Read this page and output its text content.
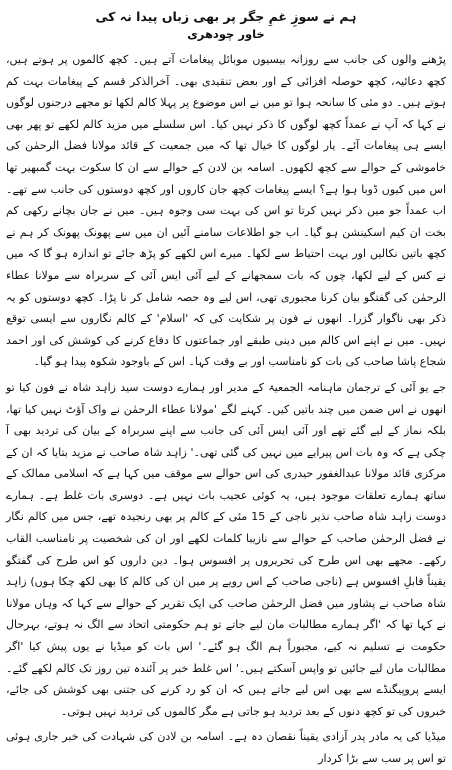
ہم نے سوزِ غمِ جگر پر بھی زباں پیدا نہ کی
خاور چودھری

پڑھنے والوں کی جانب سے روزانہ بیسیوں موبائل پیغامات آتے ہیں۔ کچھ کالموں پر ہوتے ہیں، کچھ دعائیہ، کچھ حوصلہ افزائی کے اور بعض تنقیدی بھی۔ آخرالذکر قسم کے پیغامات بہت کم ہوتے ہیں۔ دو مئی کا سانحہ ہوا تو میں نے اس موضوع پر پہلا کالم لکھا تو مجھے درجنوں لوگوں نے کہا کہ آپ نے عمداً کچھ لوگوں کا ذکر نہیں کیا۔ اس سلسلے میں مزید کالم لکھے تو پھر بھی ایسے ہی پیغامات آئے۔ یار لوگوں کا خیال تھا کہ میں جمعیت کے قائد مولانا فضل الرحمٰن کی خاموشی کے حوالے سے کچھ لکھوں۔ اسامہ بن لادن کے حوالے سے ان کا سکوت بہت گمبھیر تھا اس میں کیوں ڈوبا ہوا ہے؟ ایسے پیغامات کچھ جان کاروں اور کچھ دوستوں کی جانب سے تھے۔ اب عمداً جو میں ذکر نہیں کرتا تو اس کی بہت سی وجوہ ہیں۔ میں نے جان بچانے رکھی کم بخت ان کیم اسکینشن ہو گیا۔ اب جو اطلاعات سامنے آئیں ان میں سے پھونک پھونک کر ہم نے کچھ باتیں نکالیں اور بہت احتیاط سے لکھا۔ میرے اس لکھے کو پڑھ جائے تو اندازہ ہو گا کہ میں نے کس کے لیے لکھا، چوں کہ بات سمجھانے کے لیے آئی ایس آئی کے سربراہ سے مولانا عطاء الرحمٰن کی گفتگو بیان کرنا مجبوری تھی، اس لیے وہ حصہ شامل کر نا پڑا۔ کچھ دوستوں کو یہ ذکر بھی ناگوار گزرا۔ انھوں نے فون پر شکایت کی کہ 'اسلام' کے کالم نگاروں سے ایسی توقع نہیں۔ میں نے اپنے اس کالم میں دینی طبقے اور جماعتوں کا دفاع کرنے کی کوشش کی اور احمد شجاع پاشا صاحب کی بات کو نامناسب اور بے وقت کہا۔ اس کے باوجود شکوہ پیدا ہو گیا۔

جے یو آئی کے ترجمان ماہنامہ الجمعیۃ کے مدیر اور ہمارے دوست سید زاہد شاہ نے فون کیا تو انھوں نے اس ضمن میں چند باتیں کیں۔ کہنے لگے 'مولانا عطاء الرحمٰن نے واک آؤٹ نہیں کیا تھا، بلکہ نماز کے لیے گئے تھے اور آئی ایس آئی کی جانب سے اپنے سربراہ کے بیان کی تردید بھی آ چکی ہے کہ وہ بات اس پیرایے میں نہیں کی گئی تھی۔' زاہد شاہ صاحب نے مزید بتایا کہ ان کے مرکزی قائد مولانا عبدالغفور حیدری کی اس حوالے سے موقف میں کہا ہے کہ اسلامی ممالک کے ساتھ ہمارے تعلقات موجود ہیں، یہ کوئی عجیب بات نہیں ہے۔ دوسری بات غلط ہے۔ ہمارے دوست زاہد شاہ صاحب نذیر ناجی کے 15 مئی کے کالم پر بھی رنجیدہ تھے، جس میں کالم نگار نے فضل الرحمٰن صاحب کے حوالے سے نازیبا کلمات لکھے اور ان کی شخصیت پر نامناسب القاب رکھے۔ مجھے بھی اس طرح کی تحریروں پر افسوس ہوا۔ دین داروں کو اس طرح کی گفتگو یقیناً قابلِ افسوس ہے (ناجی صاحب کے اس رویے پر میں ان کی کالم کا بھی لکھ چکا ہوں) زاہد شاہ صاحب نے پشاور میں فضل الرحمٰن صاحب کی ایک تقریر کے حوالے سے کہا کہ وہاں مولانا نے کہا تھا کہ 'اگر ہمارے مطالبات مان لیے جاتے تو ہم حکومتی اتحاد سے الگ نہ ہوتے، بہرحال حکومت نے تسلیم نہ کیے، مجبوراً ہم الگ ہو گئے۔' اس بات کو میڈیا نے یوں پیش کیا 'اگر مطالبات مان لیے جائیں تو واپس آسکتے ہیں۔' اس غلط خبر پر آئندہ تین روز تک کالم لکھے گئے۔ ایسے پروپیگنڈے سے بھی اس لیے جاتے ہیں کہ ان کو رد کرنے کی جتنی بھی کوشش کی جائے، خبروں کی تو کچھ دنوں کے بعد تردید ہو جاتی ہے مگر کالموں کی تردید نہیں ہوتی۔

میڈیا کی یہ مادر پدر آزادی یقیناً نقصان دہ ہے۔ اسامہ بن لادن کی شہادت کی خبر جاری ہوئی تو اس پر سب سے بڑا کردار
